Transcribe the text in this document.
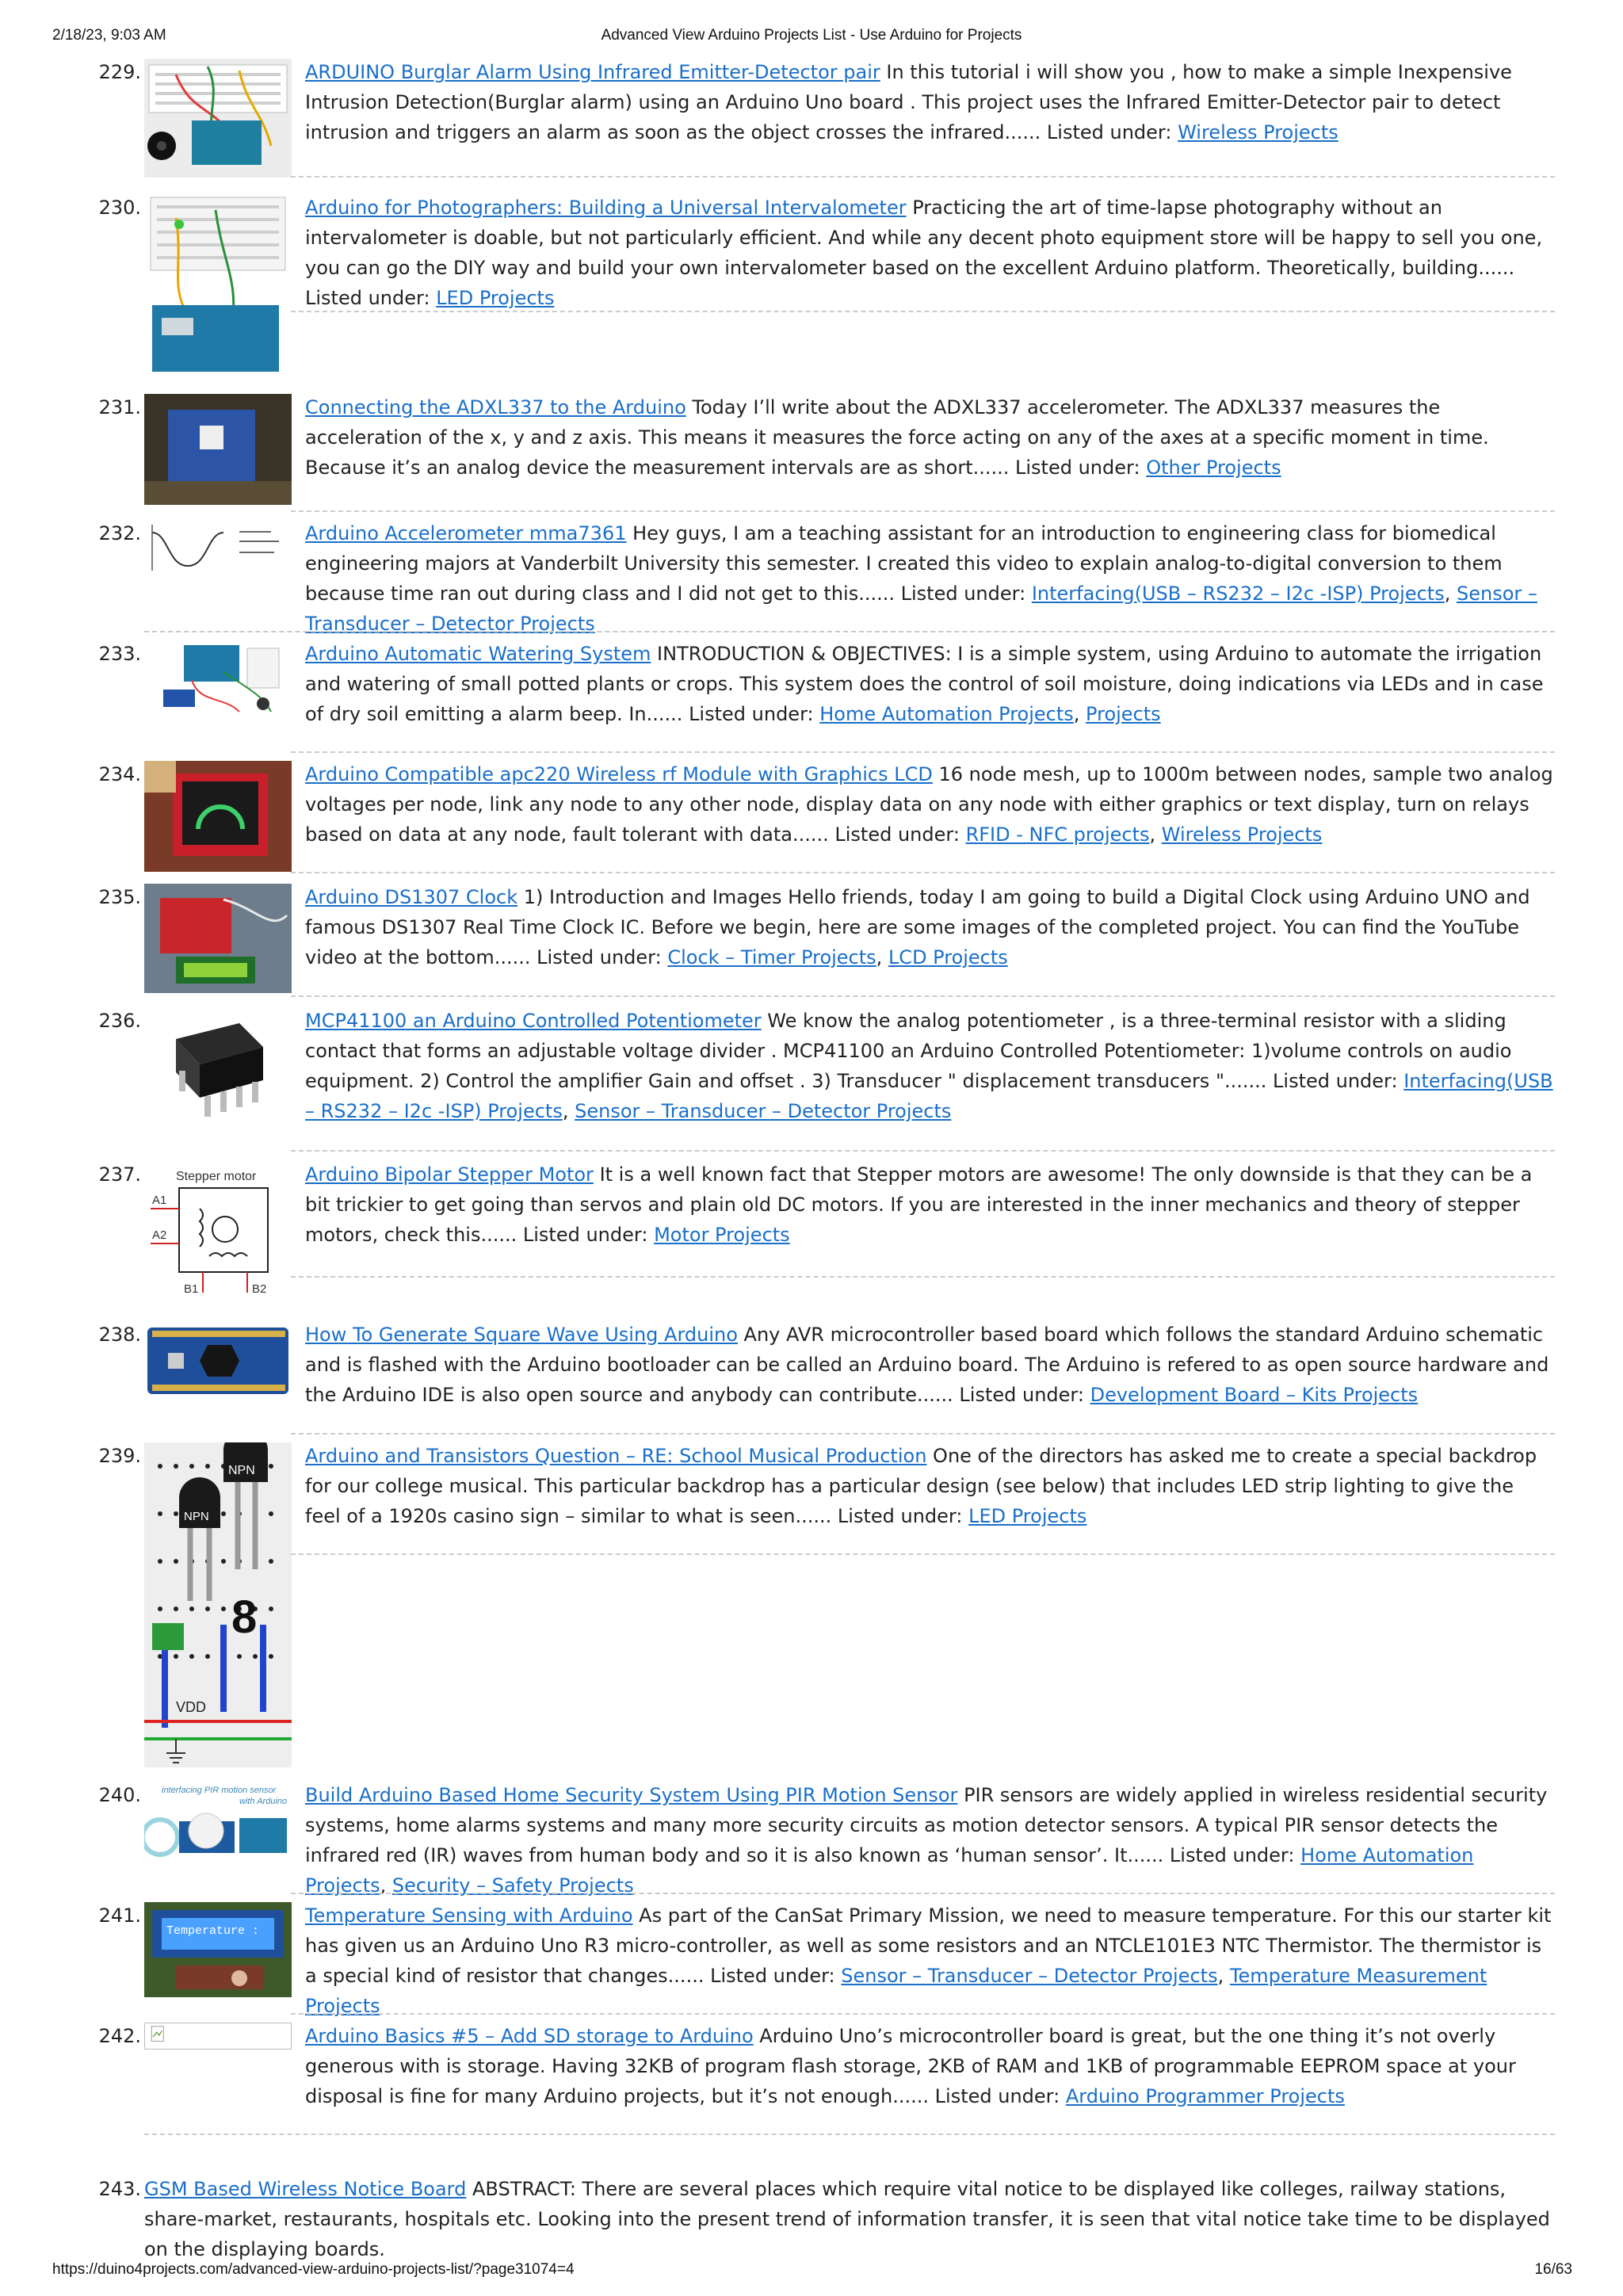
2/18/23, 9:03 AM	Advanced View Arduino Projects List - Use Arduino for Projects
229.	ARDUINO Burglar Alarm Using Infrared Emitter-Detector pair In this tutorial i will show you , how to make a simple Inexpensive Intrusion Detection(Burglar alarm) using an Arduino Uno board . This project uses the Infrared Emitter-Detector pair to detect intrusion and triggers an alarm as soon as the object crosses the infrared...... Listed under: Wireless Projects
230.	Arduino for Photographers: Building a Universal Intervalometer Practicing the art of time-lapse photography without an intervalometer is doable, but not particularly efficient. And while any decent photo equipment store will be happy to sell you one, you can go the DIY way and build your own intervalometer based on the excellent Arduino platform. Theoretically, building...... Listed under: LED Projects
231.	Connecting the ADXL337 to the Arduino Today I’ll write about the ADXL337 accelerometer. The ADXL337 measures the acceleration of the x, y and z axis. This means it measures the force acting on any of the axes at a specific moment in time. Because it’s an analog device the measurement intervals are as short...... Listed under: Other Projects
232.	Arduino Accelerometer mma7361 Hey guys, I am a teaching assistant for an introduction to engineering class for biomedical engineering majors at Vanderbilt University this semester. I created this video to explain analog-to-digital conversion to them because time ran out during class and I did not get to this...... Listed under: Interfacing(USB – RS232 – I2c -ISP) Projects, Sensor – Transducer – Detector Projects
233.	Arduino Automatic Watering System INTRODUCTION & OBJECTIVES: I is a simple system, using Arduino to automate the irrigation and watering of small potted plants or crops. This system does the control of soil moisture, doing indications via LEDs and in case of dry soil emitting a alarm beep. In...... Listed under: Home Automation Projects, Projects
234.	Arduino Compatible apc220 Wireless rf Module with Graphics LCD 16 node mesh, up to 1000m between nodes, sample two analog voltages per node, link any node to any other node, display data on any node with either graphics or text display, turn on relays based on data at any node, fault tolerant with data...... Listed under: RFID - NFC projects, Wireless Projects
235.	Arduino DS1307 Clock 1) Introduction and Images Hello friends, today I am going to build a Digital Clock using Arduino UNO and famous DS1307 Real Time Clock IC. Before we begin, here are some images of the completed project. You can find the YouTube video at the bottom...... Listed under: Clock – Timer Projects, LCD Projects
236.	MCP41100 an Arduino Controlled Potentiometer We know the analog potentiometer , is a three-terminal resistor with a sliding contact that forms an adjustable voltage divider . MCP41100 an Arduino Controlled Potentiometer: 1)volume controls on audio equipment. 2) Control the amplifier Gain and offset . 3) Transducer " displacement transducers "....... Listed under: Interfacing(USB – RS232 – I2c -ISP) Projects, Sensor – Transducer – Detector Projects
237.	Stepper motor
A1
A2
B1	B2
Arduino Bipolar Stepper Motor It is a well known fact that Stepper motors are awesome! The only downside is that they can be a bit trickier to get going than servos and plain old DC motors. If you are interested in the inner mechanics and theory of stepper motors, check this...... Listed under: Motor Projects
238.	How To Generate Square Wave Using Arduino Any AVR microcontroller based board which follows the standard Arduino schematic and is flashed with the Arduino bootloader can be called an Arduino board. The Arduino is refered to as open source hardware and the Arduino IDE is also open source and anybody can contribute...... Listed under: Development Board – Kits Projects
239.
NPN
NPN
8
VDD
Arduino and Transistors Question – RE: School Musical Production One of the directors has asked me to create a special backdrop for our college musical. This particular backdrop has a particular design (see below) that includes LED strip lighting to give the feel of a 1920s casino sign – similar to what is seen...... Listed under: LED Projects
240. interfacing PIR motion sensor
with Arduino Build Arduino Based Home Security System Using PIR Motion Sensor PIR sensors are widely applied in wireless residential security systems, home alarms systems and many more security circuits as motion detector sensors. A typical PIR sensor detects the infrared red (IR) waves from human body and so it is also known as ‘human sensor’. It...... Listed under: Home Automation Projects, Security – Safety Projects
241.
Temperature :
Temperature Sensing with Arduino As part of the CanSat Primary Mission, we need to measure temperature. For this our starter kit has given us an Arduino Uno R3 micro-controller, as well as some resistors and an NTCLE101E3 NTC Thermistor. The thermistor is a special kind of resistor that changes...... Listed under: Sensor – Transducer – Detector Projects, Temperature Measurement Projects
242.	Arduino Basics #5 – Add SD storage to Arduino Arduino Uno’s microcontroller board is great, but the one thing it’s not overly generous with is storage. Having 32KB of program flash storage, 2KB of RAM and 1KB of programmable EEPROM space at your disposal is fine for many Arduino projects, but it’s not enough...... Listed under: Arduino Programmer Projects
243. GSM Based Wireless Notice Board ABSTRACT: There are several places which require vital notice to be displayed like colleges, railway stations, share-market, restaurants, hospitals etc. Looking into the present trend of information transfer, it is seen that vital notice take time to be displayed on the displaying boards.
https://duino4projects.com/advanced-view-arduino-projects-list/?page31074=4	16/63
